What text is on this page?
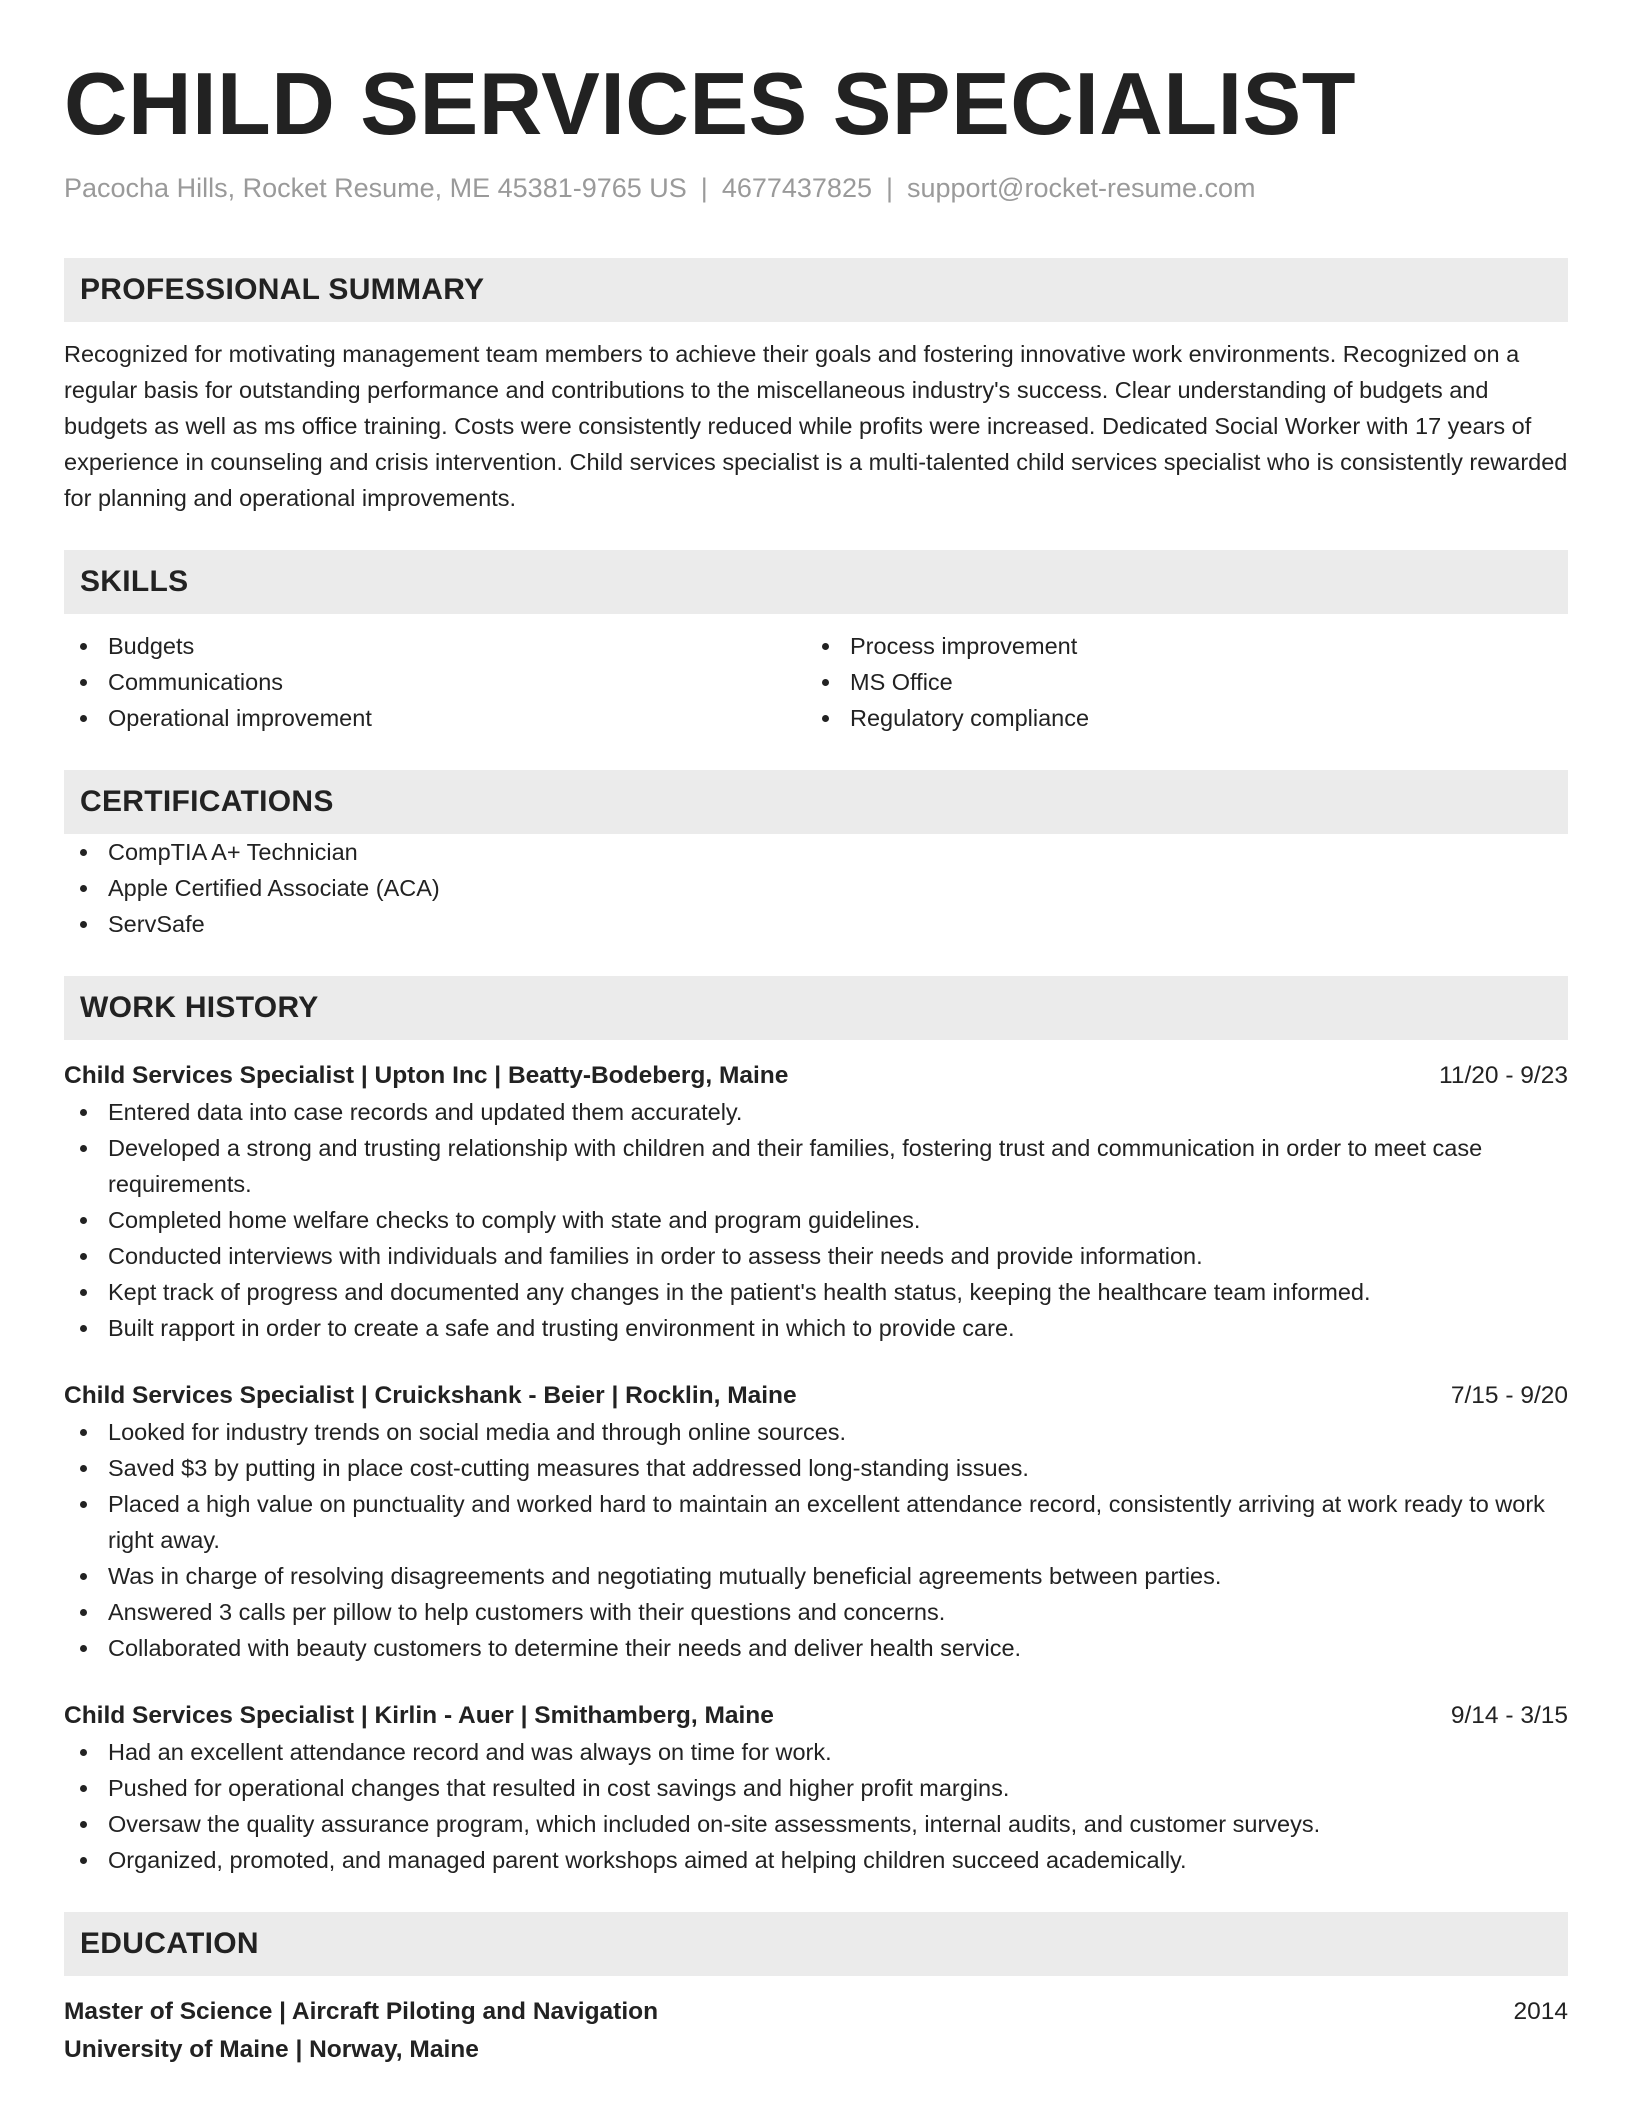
CHILD SERVICES SPECIALIST
Pacocha Hills, Rocket Resume, ME 45381-9765 US | 4677437825 | support@rocket-resume.com
PROFESSIONAL SUMMARY
Recognized for motivating management team members to achieve their goals and fostering innovative work environments. Recognized on a regular basis for outstanding performance and contributions to the miscellaneous industry's success. Clear understanding of budgets and budgets as well as ms office training. Costs were consistently reduced while profits were increased. Dedicated Social Worker with 17 years of experience in counseling and crisis intervention. Child services specialist is a multi-talented child services specialist who is consistently rewarded for planning and operational improvements.
SKILLS
Budgets
Communications
Operational improvement
Process improvement
MS Office
Regulatory compliance
CERTIFICATIONS
CompTIA A+ Technician
Apple Certified Associate (ACA)
ServSafe
WORK HISTORY
Child Services Specialist | Upton Inc | Beatty-Bodeberg, Maine	11/20 - 9/23
Entered data into case records and updated them accurately.
Developed a strong and trusting relationship with children and their families, fostering trust and communication in order to meet case requirements.
Completed home welfare checks to comply with state and program guidelines.
Conducted interviews with individuals and families in order to assess their needs and provide information.
Kept track of progress and documented any changes in the patient's health status, keeping the healthcare team informed.
Built rapport in order to create a safe and trusting environment in which to provide care.
Child Services Specialist | Cruickshank - Beier | Rocklin, Maine	7/15 - 9/20
Looked for industry trends on social media and through online sources.
Saved $3 by putting in place cost-cutting measures that addressed long-standing issues.
Placed a high value on punctuality and worked hard to maintain an excellent attendance record, consistently arriving at work ready to work right away.
Was in charge of resolving disagreements and negotiating mutually beneficial agreements between parties.
Answered 3 calls per pillow to help customers with their questions and concerns.
Collaborated with beauty customers to determine their needs and deliver health service.
Child Services Specialist | Kirlin - Auer | Smithamberg, Maine	9/14 - 3/15
Had an excellent attendance record and was always on time for work.
Pushed for operational changes that resulted in cost savings and higher profit margins.
Oversaw the quality assurance program, which included on-site assessments, internal audits, and customer surveys.
Organized, promoted, and managed parent workshops aimed at helping children succeed academically.
EDUCATION
Master of Science | Aircraft Piloting and Navigation	2014
University of Maine | Norway, Maine
